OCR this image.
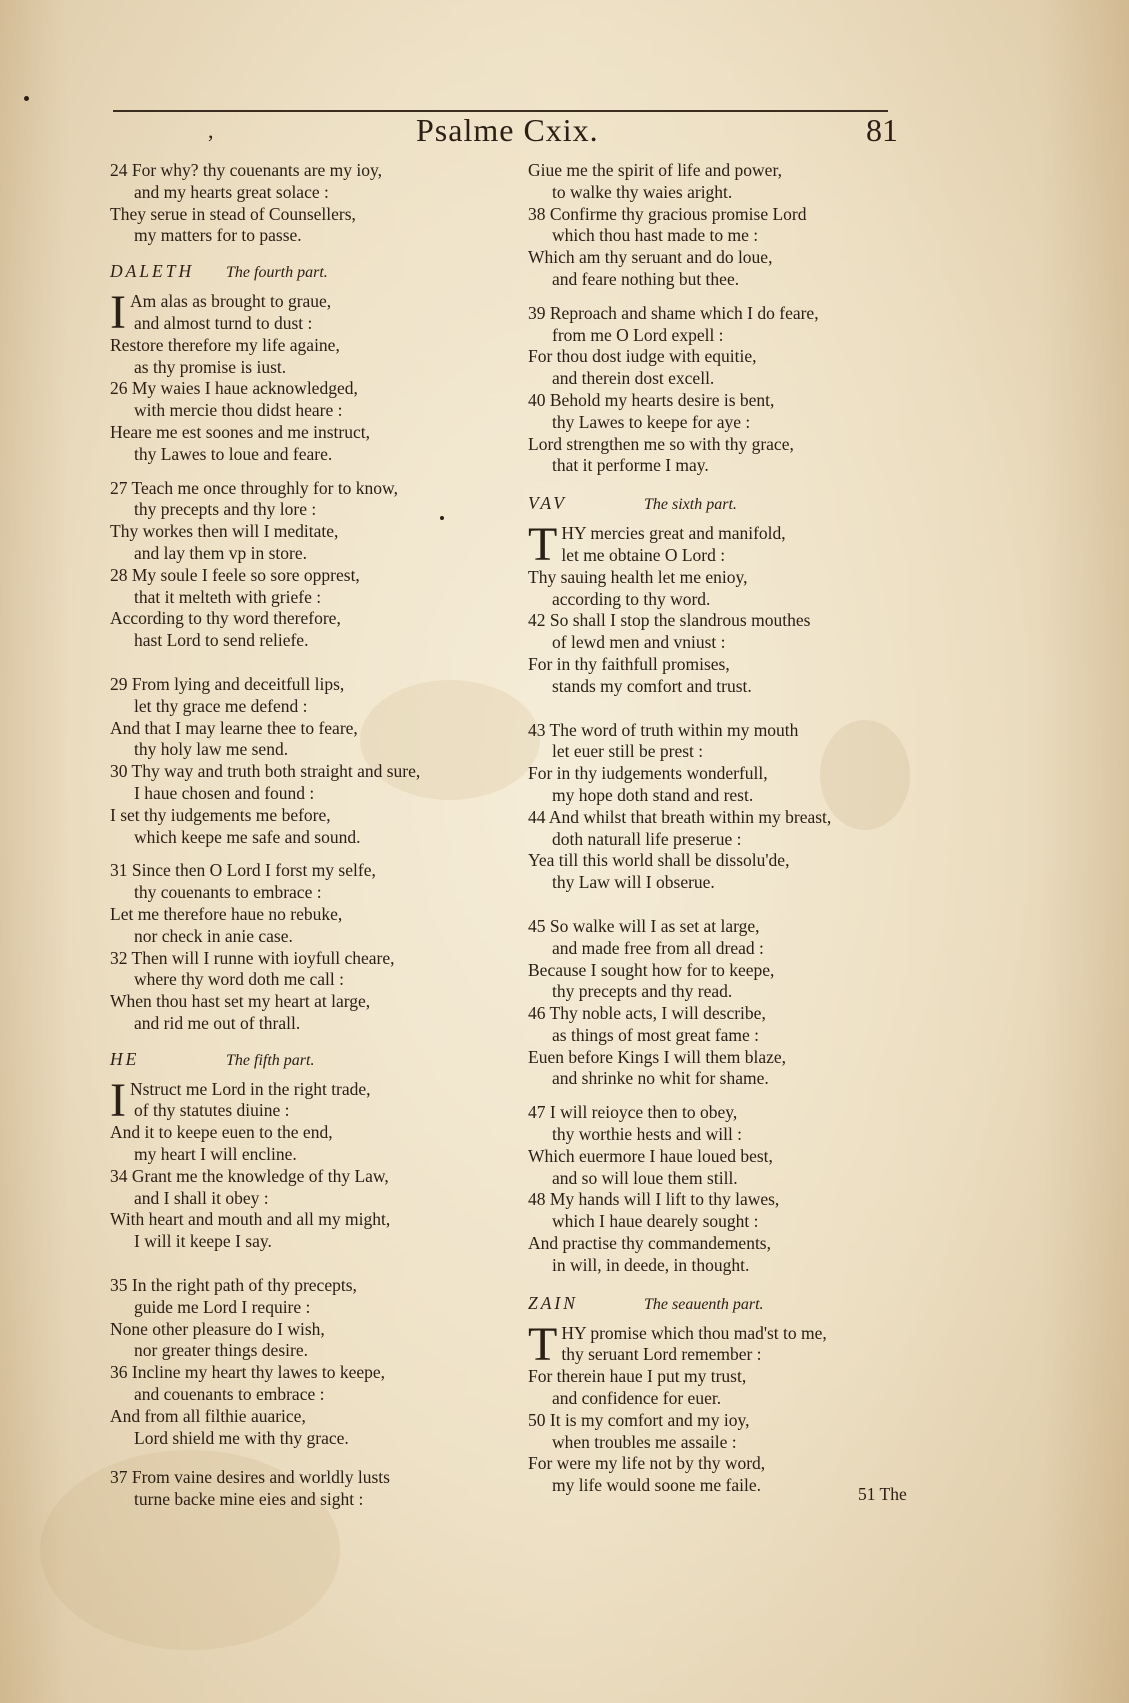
,	Psalme Cxix.	81
24 For why? thy couenants are my ioy,
and my hearts great solace :
They serue in stead of Counsellers,
my matters for to passe.
DALETH The fourth part.
I Am alas as brought to graue,
and almost turnd to dust :
Restore therefore my life againe,
as thy promise is iust.
26 My waies I haue acknowledged,
with mercie thou didst heare :
Heare me est soones and me instruct,
thy Lawes to loue and feare.
27 Teach me once throughly for to know,
thy precepts and thy lore :
Thy workes then will I meditate,
and lay them vp in store.
28 My soule I feele so sore opprest,
that it melteth with griefe :
According to thy word therefore,
hast Lord to send reliefe.
29 From lying and deceitfull lips,
let thy grace me defend :
And that I may learne thee to feare,
thy holy law me send.
30 Thy way and truth both straight and sure,
I haue chosen and found :
I set thy iudgements me before,
which keepe me safe and sound.
31 Since then O Lord I forst my selfe,
thy couenants to embrace :
Let me therefore haue no rebuke,
nor check in anie case.
32 Then will I runne with ioyfull cheare,
where thy word doth me call :
When thou hast set my heart at large,
and rid me out of thrall.
HE	The fifth part.
I Nstruct me Lord in the right trade,
of thy statutes diuine :
And it to keepe euen to the end,
my heart I will encline.
34 Grant me the knowledge of thy Law,
and I shall it obey :
With heart and mouth and all my might,
I will it keepe I say.
35 In the right path of thy precepts,
guide me Lord I require :
None other pleasure do I wish,
nor greater things desire.
36 Incline my heart thy lawes to keepe,
and couenants to embrace :
And from all filthie auarice,
Lord shield me with thy grace.
37 From vaine desires and worldly lusts
turne backe mine eies and sight :
Giue me the spirit of life and power,
to walke thy waies aright.
38 Confirme thy gracious promise Lord
which thou hast made to me :
Which am thy seruant and do loue,
and feare nothing but thee.
39 Reproach and shame which I do feare,
from me O Lord expell :
For thou dost iudge with equitie,
and therein dost excell.
40 Behold my hearts desire is bent,
thy Lawes to keepe for aye :
Lord strengthen me so with thy grace,
that it performe I may.
VAV	The sixth part.
T HY mercies great and manifold,
let me obtaine O Lord :
Thy sauing health let me enioy,
according to thy word.
42 So shall I stop the slandrous mouthes
of lewd men and vniust :
For in thy faithfull promises,
stands my comfort and trust.
43 The word of truth within my mouth
let euer still be prest :
For in thy iudgements wonderfull,
my hope doth stand and rest.
44 And whilst that breath within my breast,
doth naturall life preserue :
Yea till this world shall be dissolu'de,
thy Law will I obserue.
45 So walke will I as set at large,
and made free from all dread :
Because I sought how for to keepe,
thy precepts and thy read.
46 Thy noble acts, I will describe,
as things of most great fame :
Euen before Kings I will them blaze,
and shrinke no whit for shame.
47 I will reioyce then to obey,
thy worthie hests and will :
Which euermore I haue loued best,
and so will loue them still.
48 My hands will I lift to thy lawes,
which I haue dearely sought :
And practise thy commandements,
in will, in deede, in thought.
ZAIN	The seauenth part.
T HY promise which thou mad'st to me,
thy seruant Lord remember :
For therein haue I put my trust,
and confidence for euer.
50 It is my comfort and my ioy,
when troubles me assaile :
For were my life not by thy word,
my life would soone me faile.	51 The
